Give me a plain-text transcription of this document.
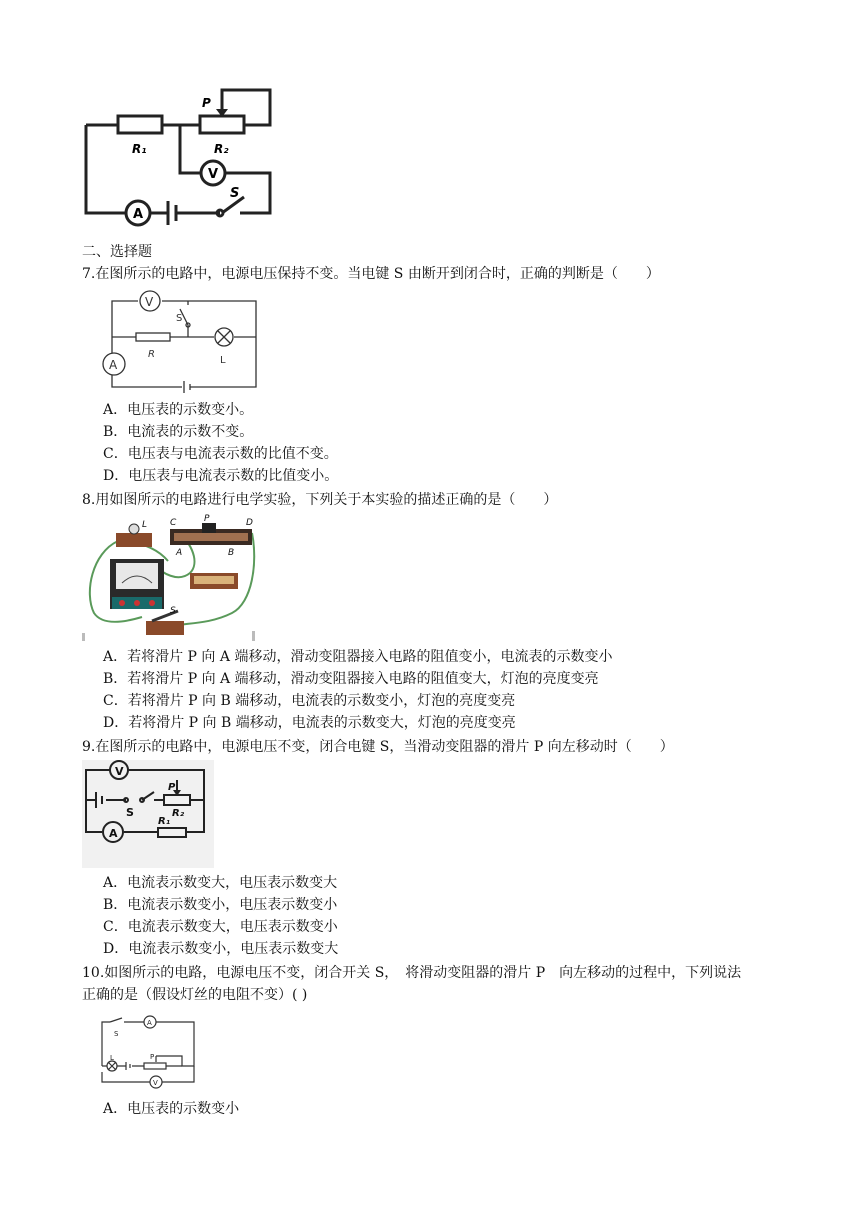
R₁	R₂
P
V
A
S
二、选择题
7.在图所示的电路中，电源电压保持不变。当电键 S 由断开到闭合时，正确的判断是（　　）
V
S
R
L
A
A．电压表的示数变小。
B．电流表的示数不变。
C．电压表与电流表示数的比值不变。
D．电压表与电流表示数的比值变小。
8.用如图所示的电路进行电学实验，下列关于本实验的描述正确的是（　　）
L	C	P	D
A	B
S
A．若将滑片 P 向 A 端移动，滑动变阻器接入电路的阻值变小，电流表的示数变小
B．若将滑片 P 向 A 端移动，滑动变阻器接入电路的阻值变大，灯泡的亮度变亮
C．若将滑片 P 向 B 端移动，电流表的示数变小，灯泡的亮度变亮
D．若将滑片 P 向 B 端移动，电流表的示数变大，灯泡的亮度变亮
9.在图所示的电路中，电源电压不变，闭合电键 S，当滑动变阻器的滑片 P 向左移动时（　　）
V
P
R₂
S
A
R₁
A．电流表示数变大，电压表示数变大
B．电流表示数变小，电压表示数变小
C．电流表示数变大，电压表示数变小
D．电流表示数变小，电压表示数变大
10.如图所示的电路，电源电压不变，闭合开关 S，　将滑动变阻器的滑片 P　向左移动的过程中，下列说法
正确的是（假设灯丝的电阻不变）( )
S
A
L	P
V
A．电压表的示数变小
